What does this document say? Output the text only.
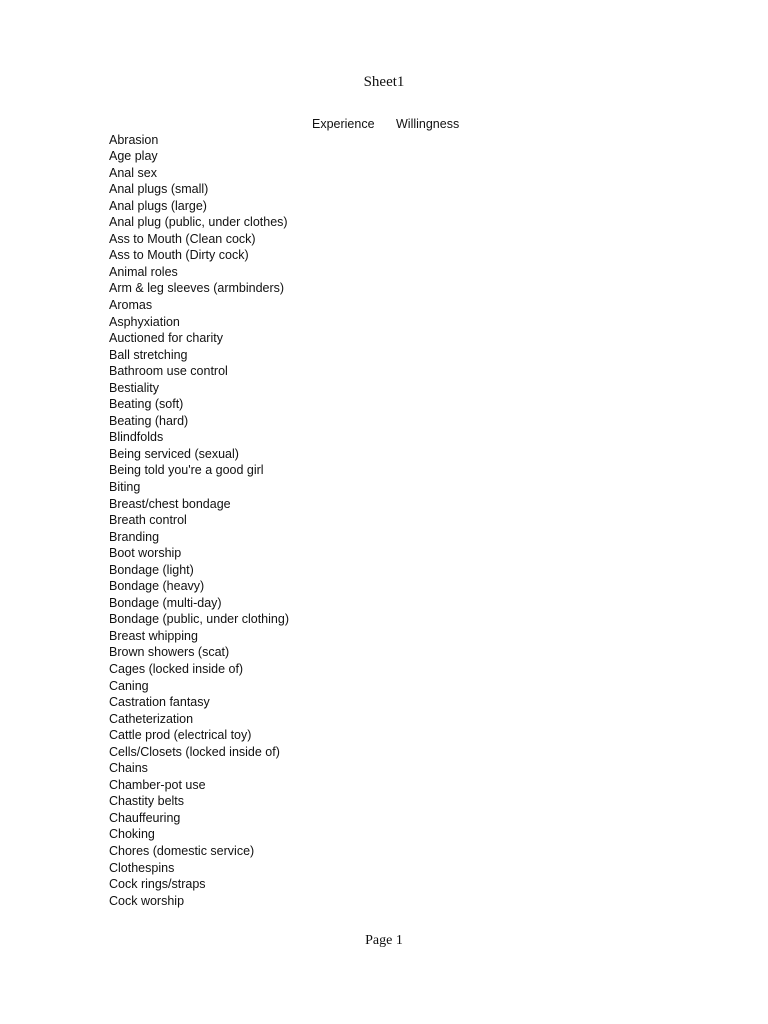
Sheet1
Experience Willingness
Abrasion
Age play
Anal sex
Anal plugs (small)
Anal plugs (large)
Anal plug (public, under clothes)
Ass to Mouth (Clean cock)
Ass to Mouth (Dirty cock)
Animal roles
Arm & leg sleeves (armbinders)
Aromas
Asphyxiation
Auctioned for charity
Ball stretching
Bathroom use control
Bestiality
Beating (soft)
Beating (hard)
Blindfolds
Being serviced (sexual)
Being told you're a good girl
Biting
Breast/chest bondage
Breath control
Branding
Boot worship
Bondage (light)
Bondage (heavy)
Bondage (multi-day)
Bondage (public, under clothing)
Breast whipping
Brown showers (scat)
Cages (locked inside of)
Caning
Castration fantasy
Catheterization
Cattle prod (electrical toy)
Cells/Closets (locked inside of)
Chains
Chamber-pot use
Chastity belts
Chauffeuring
Choking
Chores (domestic service)
Clothespins
Cock rings/straps
Cock worship
Page 1
